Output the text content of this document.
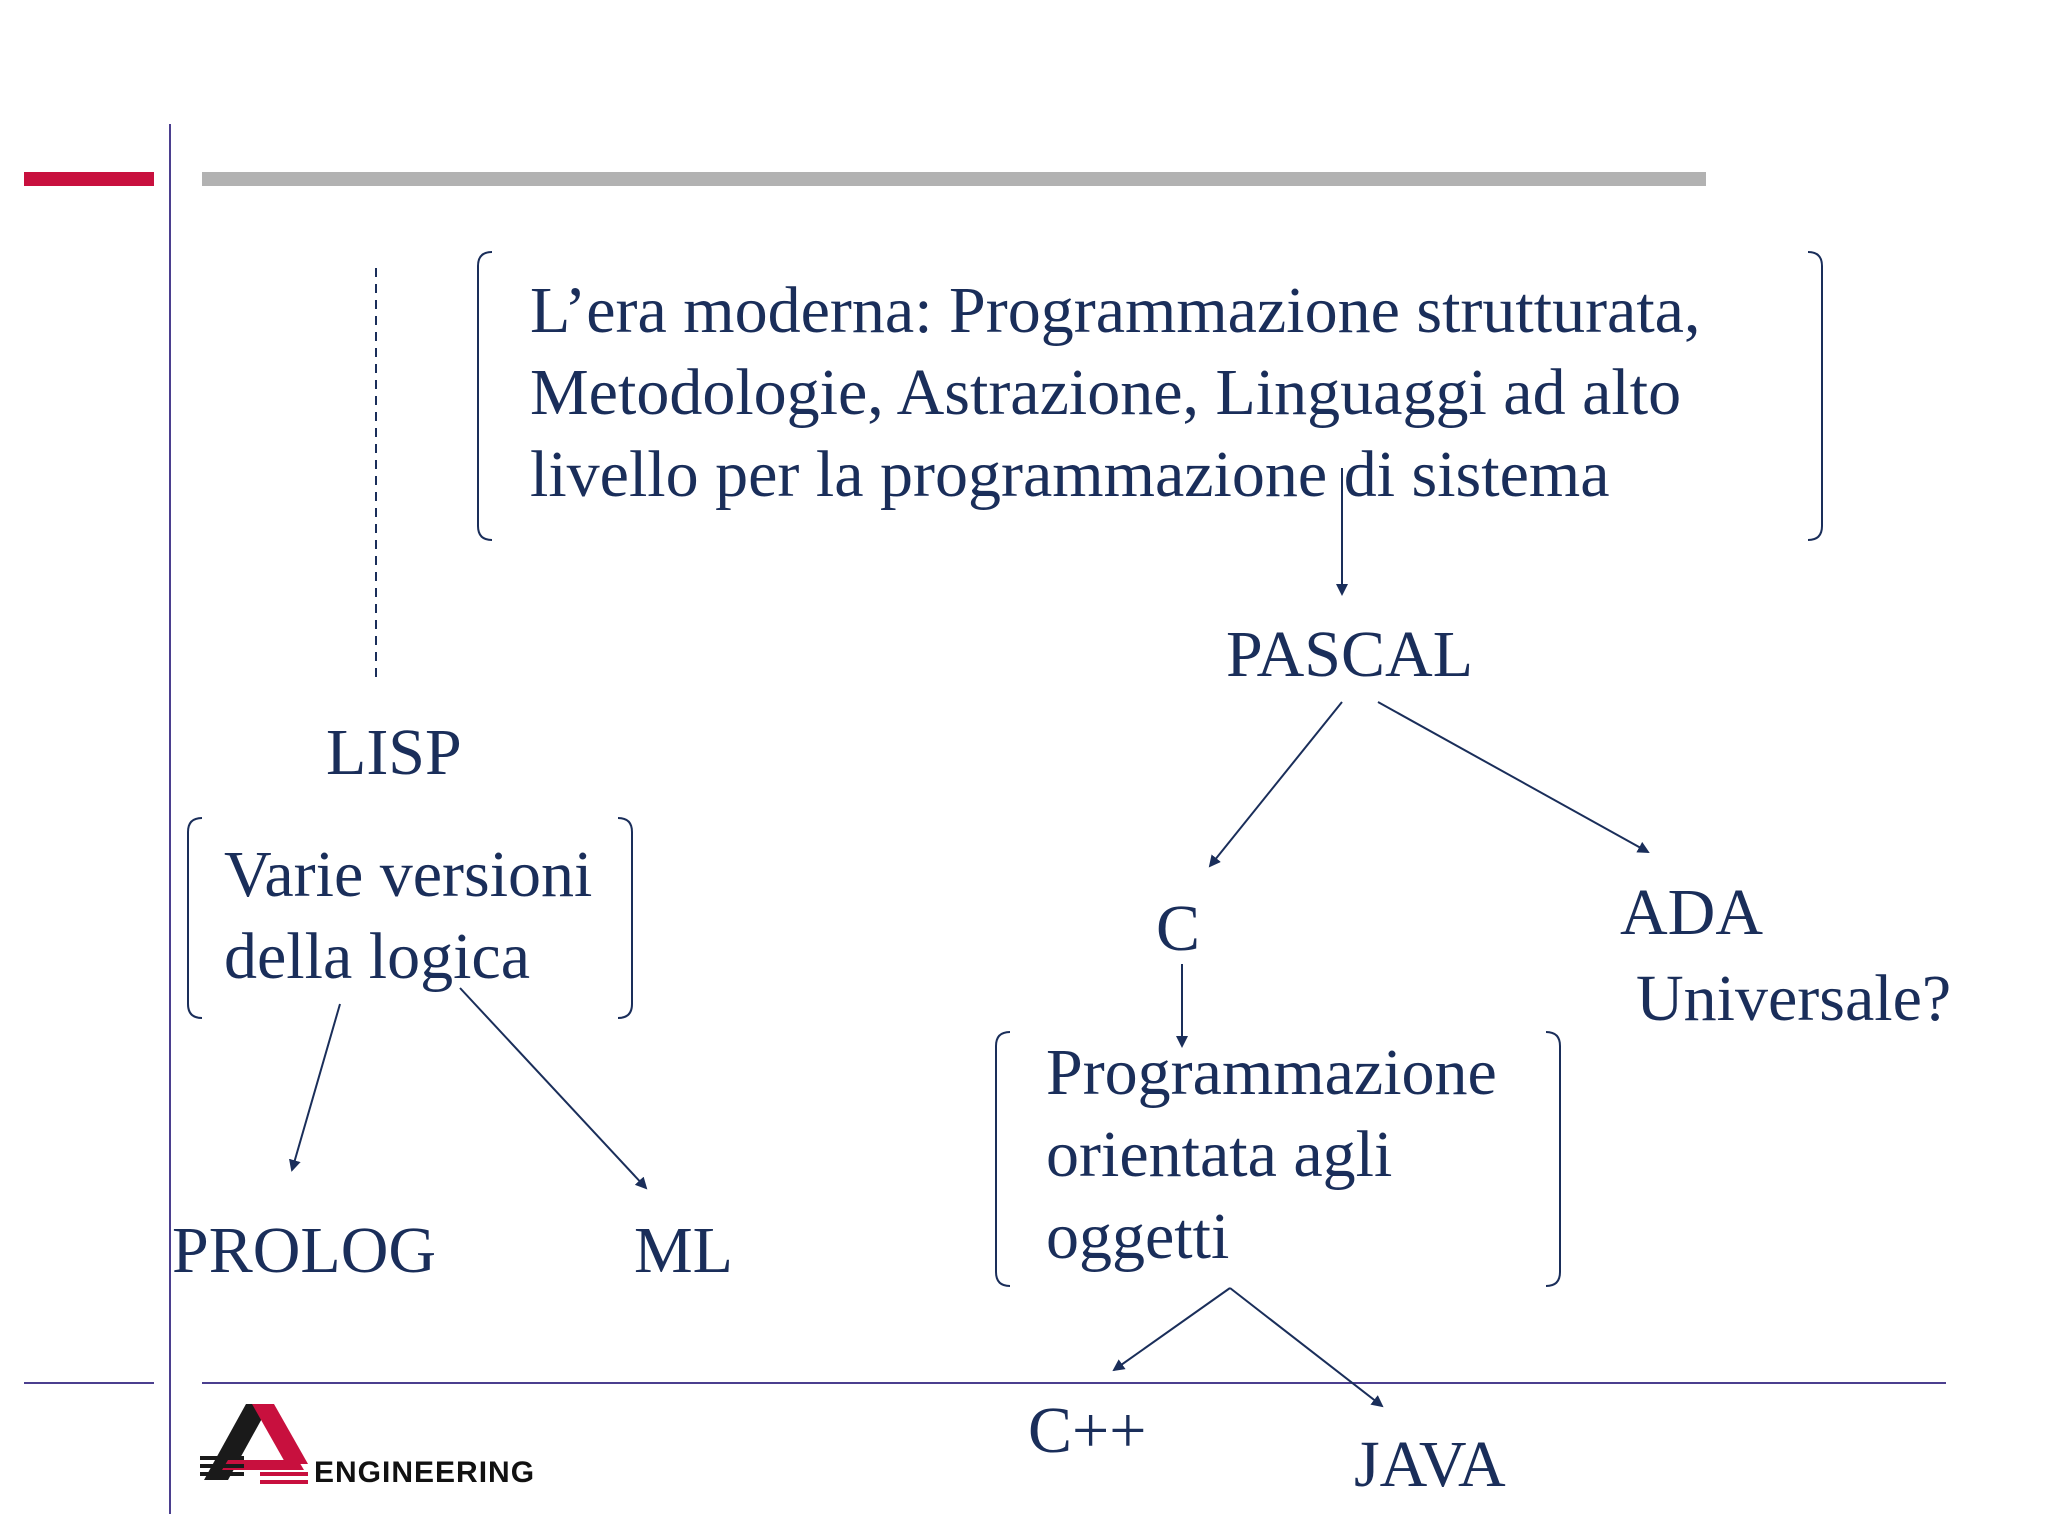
L’era moderna: Programmazione strutturata,
Metodologie, Astrazione, Linguaggi ad alto
livello per la programmazione di sistema
PASCAL
LISP
Varie versioni
della logica	C	ADA
Universale?
Programmazione
orientata agli
oggetti
PROLOG	ML
C++	JAVA
ENGINEERING
